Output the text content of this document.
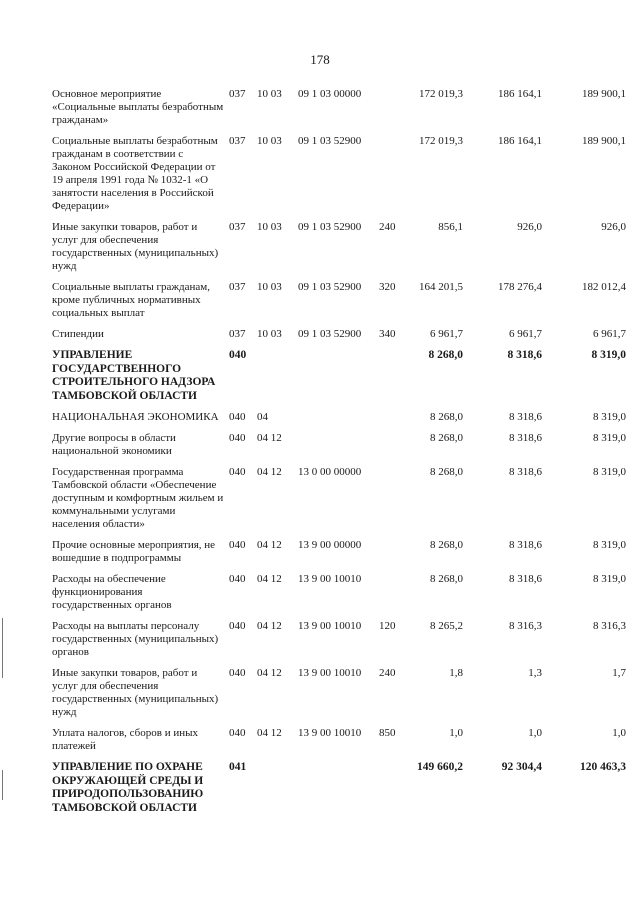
178
Основное мероприятие «Социальные выплаты безработным гражданам»
037	10 03 09 1 03 00000	172 019,3	186 164,1	189 900,1
Социальные выплаты безработным гражданам в соответствии с Законом Российской Федерации от 19 апреля 1991 года № 1032-1 «О занятости населения в Российской Федерации»
037	10 03 09 1 03 52900	172 019,3	186 164,1	189 900,1
Иные закупки товаров, работ и услуг для обеспечения государственных (муниципальных) нужд
037	10 03 09 1 03 52900	240	856,1	926,0	926,0
Социальные выплаты гражданам, кроме публичных нормативных социальных выплат
037	10 03 09 1 03 52900	320	164 201,5	178 276,4	182 012,4
Стипендии	037	10 03 09 1 03 52900	340	6 961,7	6 961,7	6 961,7
УПРАВЛЕНИЕ ГОСУДАРСТВЕННОГО СТРОИТЕЛЬНОГО НАДЗОРА ТАМБОВСКОЙ ОБЛАСТИ
040	8 268,0	8 318,6	8 319,0
НАЦИОНАЛЬНАЯ ЭКОНОМИКА 040	04	8 268,0	8 318,6	8 319,0
Другие вопросы в области национальной экономики
040	04 12	8 268,0	8 318,6	8 319,0
Государственная программа Тамбовской области «Обеспечение доступным и комфортным жильем и коммунальными услугами населения области»
040	04 12 13 0 00 00000	8 268,0	8 318,6	8 319,0
Прочие основные мероприятия, не вошедшие в подпрограммы
040	04 12 13 9 00 00000	8 268,0	8 318,6	8 319,0
Расходы на обеспечение функционирования государственных органов
040	04 12 13 9 00 10010	8 268,0	8 318,6	8 319,0
Расходы на выплаты персоналу государственных (муниципальных) органов
040	04 12 13 9 00 10010	120	8 265,2	8 316,3	8 316,3
Иные закупки товаров, работ и услуг для обеспечения государственных (муниципальных) нужд
040	04 12 13 9 00 10010	240	1,8	1,3	1,7
Уплата налогов, сборов и иных платежей
040	04 12 13 9 00 10010	850	1,0	1,0	1,0
УПРАВЛЕНИЕ ПО ОХРАНЕ ОКРУЖАЮЩЕЙ СРЕДЫ И ПРИРОДОПОЛЬЗОВАНИЮ ТАМБОВСКОЙ ОБЛАСТИ
041	149 660,2	92 304,4	120 463,3
